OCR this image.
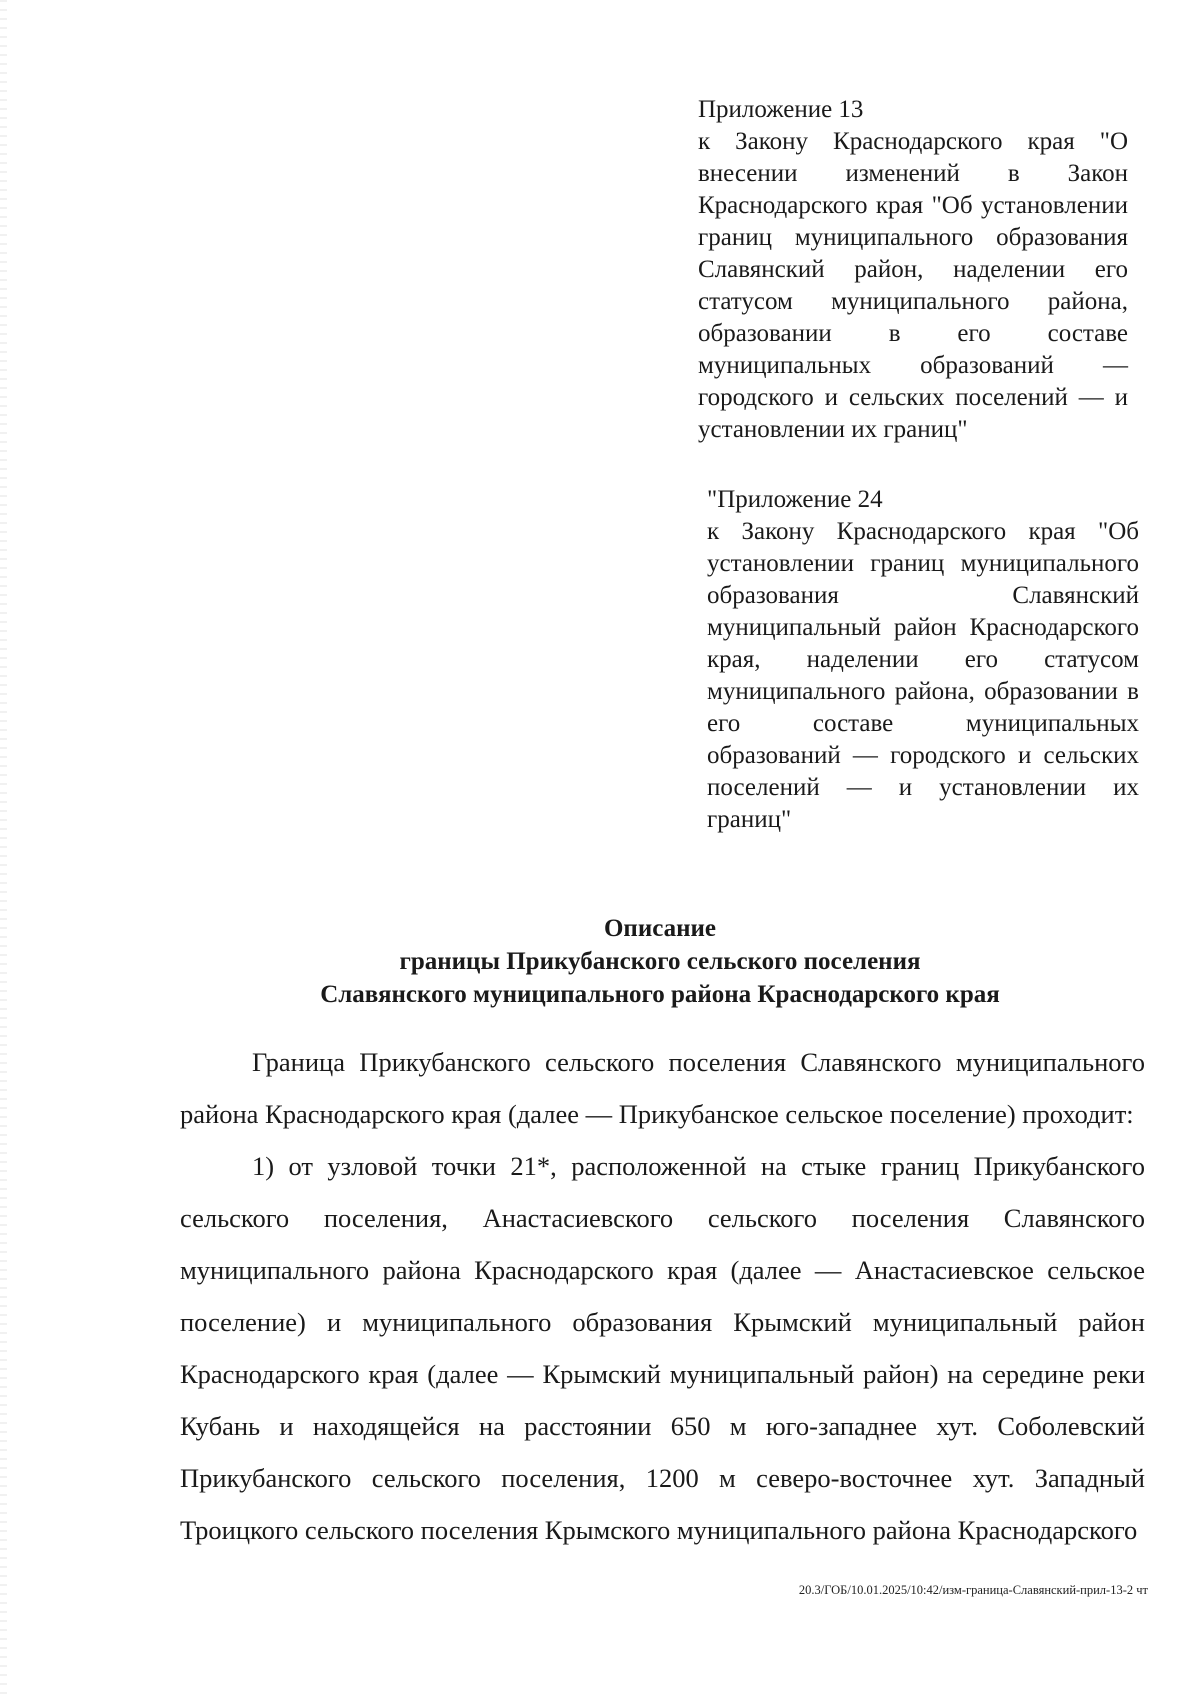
Приложение 13
к Закону Краснодарского края "О внесении изменений в Закон Краснодарского края "Об установлении границ муниципального образования Славянский район, наделении его статусом муниципального района, образовании в его составе муниципальных образований — городского и сельских поселений — и установлении их границ"
"Приложение 24
к Закону Краснодарского края "Об установлении границ муниципального образования Славянский муниципальный район Краснодарского края, наделении его статусом муниципального района, образовании в его составе муниципальных образований — городского и сельских поселений — и установлении их границ"
Описание
границы Прикубанского сельского поселения
Славянского муниципального района Краснодарского края

Граница Прикубанского сельского поселения Славянского муниципального района Краснодарского края (далее — Прикубанское сельское поселение) проходит:

1) от узловой точки 21*, расположенной на стыке границ Прикубанского сельского поселения, Анастасиевского сельского поселения Славянского муниципального района Краснодарского края (далее — Анастасиевское сельское поселение) и муниципального образования Крымский муниципальный район Краснодарского края (далее — Крымский муниципальный район) на середине реки Кубань и находящейся на расстоянии 650 м юго-западнее хут. Соболевский Прикубанского сельского поселения, 1200 м северо-восточнее хут. Западный Троицкого сельского поселения Крымского муниципального района Краснодарского

20.3/ГОБ/10.01.2025/10:42/изм-граница-Славянский-прил-13-2 чт
